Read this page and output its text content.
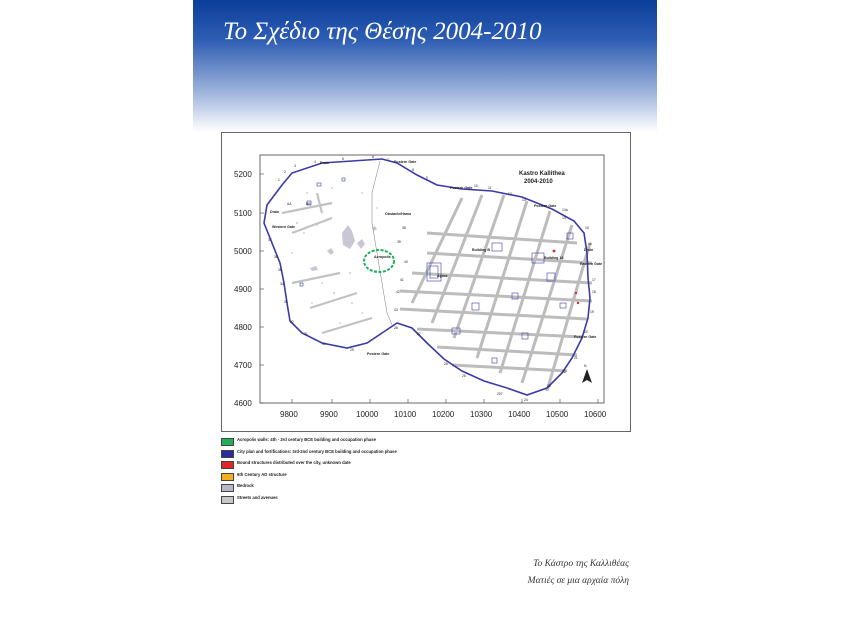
Το Σχέδιο της Θέσης 2004-2010
5200
5100
5000
4900
4800
4700
4600
9800	9900 10000 10100 10200 10300 10400 10500 10600
Kastro Kallithea
2004-2010
Drain	Postern Gate
Postern Gate
Postern Gate
13a
Obstacle/Hamo
Drain
Western Gate
Acropolis
Agora
Building B
Building 18
Eastern Gate
Drain
Postern Gate
Postern Gate
AA	BB
1
2
3
4
5	6
7
8
9
10	11
12
13
14
15
16
17
18
19
20
21
22
23
24
25
26
27
28
29
30
31
32
33
34
35
36
37
38
39
40
41
42
43
207
N
Acropolis walls: 4th - 3rd century BCE building and occupation phase
City plan and fortifications: 3rd-2nd century BCE building and occupation phase
Bound structures distributed over the city, unknown date
6th Century AD structure
Bedrock
Streets and avenues
Το Κάστρο της Καλλιθέας
Ματιές σε μια αρχαία πόλη
